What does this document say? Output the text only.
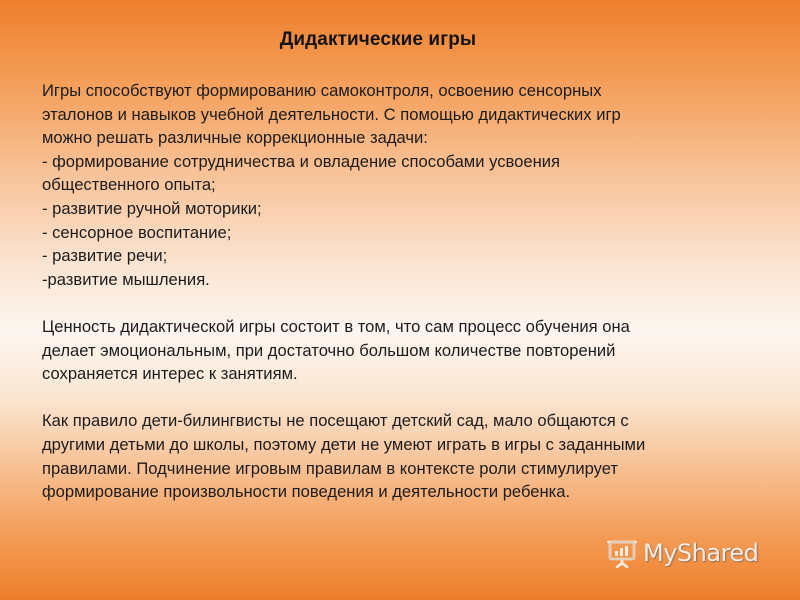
Дидактические игры

Игры способствуют формированию самоконтроля, освоению сенсорных
эталонов и навыков учебной деятельности. С помощью дидактических игр
можно решать различные коррекционные задачи:

- формирование сотрудничества и овладение способами усвоения
общественного опыта;
- развитие ручной моторики;
- сенсорное воспитание;
- развитие речи;
-развитие мышления.

Ценность дидактической игры состоит в том, что сам процесс обучения она
делает эмоциональным, при достаточно большом количестве повторений
сохраняется интерес к занятиям.

Как правило дети-билингвисты не посещают детский сад, мало общаются с
другими детьми до школы, поэтому дети не умеют играть в игры с заданными
правилами. Подчинение игровым правилам в контексте роли стимулирует
формирование произвольности поведения и деятельности ребенка.

MyShared
